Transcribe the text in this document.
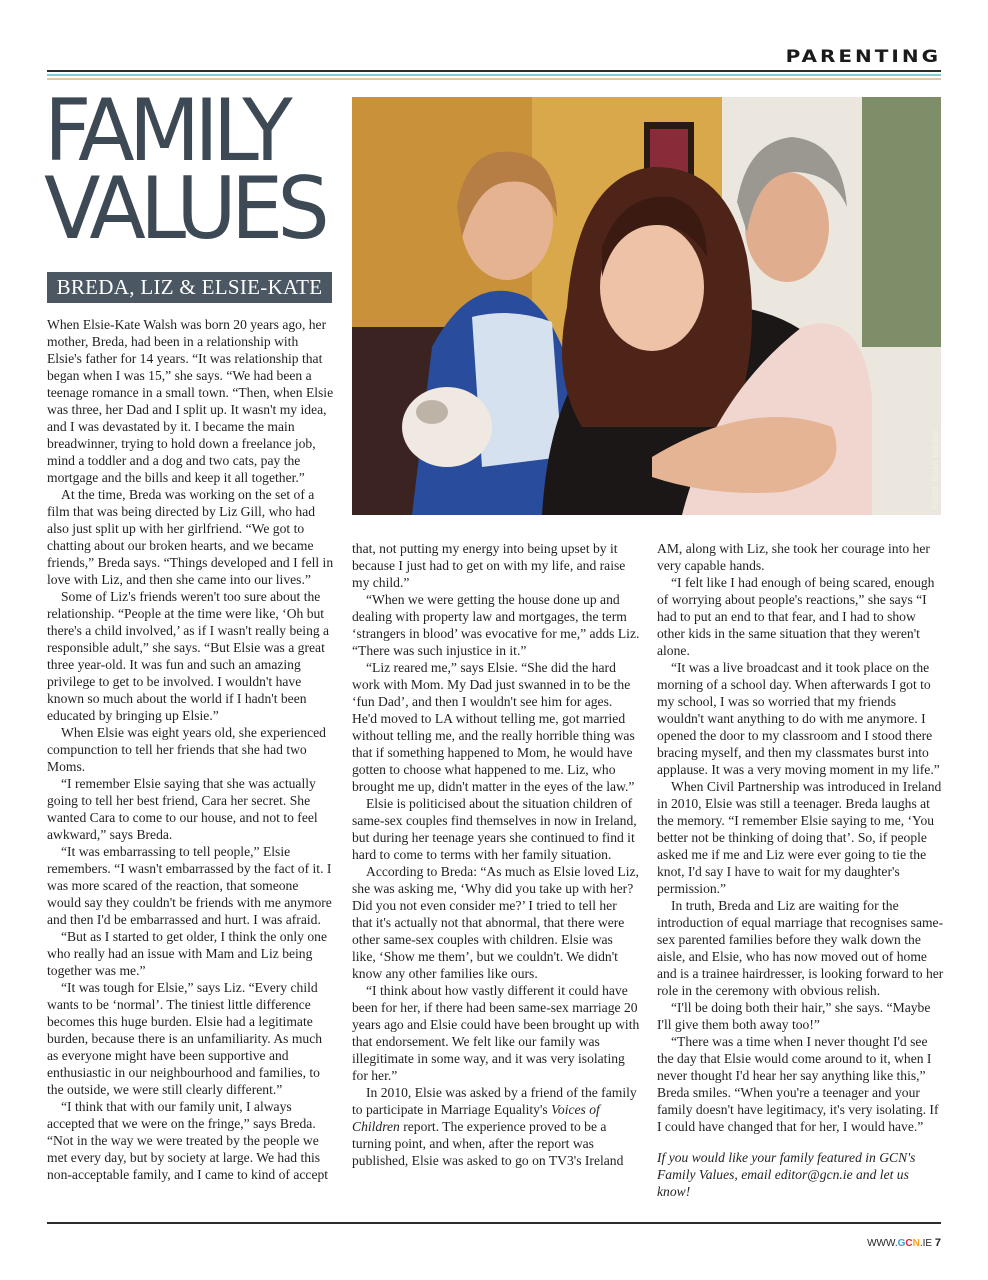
PARENTING
FAMILY
VALUES
BREDA, LIZ & ELSIE-KATE
Photo: Brian Hanlon

When Elsie-Kate Walsh was born 20 years ago, her mother, Breda, had been in a relationship with Elsie's father for 14 years. “It was relationship that began when I was 15,” she says. “We had been a teenage romance in a small town. “Then, when Elsie was three, her Dad and I split up. It wasn't my idea, and I was devastated by it. I became the main breadwinner, trying to hold down a freelance job, mind a toddler and a dog and two cats, pay the mortgage and the bills and keep it all together.”

At the time, Breda was working on the set of a film that was being directed by Liz Gill, who had also just split up with her girlfriend. “We got to chatting about our broken hearts, and we became friends,” Breda says. “Things developed and I fell in love with Liz, and then she came into our lives.”

Some of Liz's friends weren't too sure about the relationship. “People at the time were like, ‘Oh but there's a child involved,’ as if I wasn't really being a responsible adult,” she says. “But Elsie was a great three year-old. It was fun and such an amazing privilege to get to be involved. I wouldn't have known so much about the world if I hadn't been educated by bringing up Elsie.”

When Elsie was eight years old, she experienced compunction to tell her friends that she had two Moms.

“I remember Elsie saying that she was actually going to tell her best friend, Cara her secret. She wanted Cara to come to our house, and not to feel awkward,” says Breda.

“It was embarrassing to tell people,” Elsie remembers. “I wasn't embarrassed by the fact of it. I was more scared of the reaction, that someone would say they couldn't be friends with me anymore and then I'd be embarrassed and hurt. I was afraid.

“But as I started to get older, I think the only one who really had an issue with Mam and Liz being together was me.”

“It was tough for Elsie,” says Liz. “Every child wants to be ‘normal’. The tiniest little difference becomes this huge burden. Elsie had a legitimate burden, because there is an unfamiliarity. As much as everyone might have been supportive and enthusiastic in our neighbourhood and families, to the outside, we were still clearly different.”

“I think that with our family unit, I always accepted that we were on the fringe,” says Breda. “Not in the way we were treated by the people we met every day, but by society at large. We had this non-acceptable family, and I came to kind of accept

that, not putting my energy into being upset by it because I just had to get on with my life, and raise my child.”

“When we were getting the house done up and dealing with property law and mortgages, the term ‘strangers in blood’ was evocative for me,” adds Liz. “There was such injustice in it.”

“Liz reared me,” says Elsie. “She did the hard work with Mom. My Dad just swanned in to be the ‘fun Dad’, and then I wouldn't see him for ages. He'd moved to LA without telling me, got married without telling me, and the really horrible thing was that if something happened to Mom, he would have gotten to choose what happened to me. Liz, who brought me up, didn't matter in the eyes of the law.”

Elsie is politicised about the situation children of same-sex couples find themselves in now in Ireland, but during her teenage years she continued to find it hard to come to terms with her family situation.

According to Breda: “As much as Elsie loved Liz, she was asking me, ‘Why did you take up with her? Did you not even consider me?’ I tried to tell her that it's actually not that abnormal, that there were other same-sex couples with children. Elsie was like, ‘Show me them’, but we couldn't. We didn't know any other families like ours.

“I think about how vastly different it could have been for her, if there had been same-sex marriage 20 years ago and Elsie could have been brought up with that endorsement. We felt like our family was illegitimate in some way, and it was very isolating for her.”

In 2010, Elsie was asked by a friend of the family to participate in Marriage Equality's Voices of Children report. The experience proved to be a turning point, and when, after the report was published, Elsie was asked to go on TV3's Ireland

AM, along with Liz, she took her courage into her very capable hands.

“I felt like I had enough of being scared, enough of worrying about people's reactions,” she says “I had to put an end to that fear, and I had to show other kids in the same situation that they weren't alone.

“It was a live broadcast and it took place on the morning of a school day. When afterwards I got to my school, I was so worried that my friends wouldn't want anything to do with me anymore. I opened the door to my classroom and I stood there bracing myself, and then my classmates burst into applause. It was a very moving moment in my life.”

When Civil Partnership was introduced in Ireland in 2010, Elsie was still a teenager. Breda laughs at the memory. “I remember Elsie saying to me, ‘You better not be thinking of doing that’. So, if people asked me if me and Liz were ever going to tie the knot, I'd say I have to wait for my daughter's permission.”

In truth, Breda and Liz are waiting for the introduction of equal marriage that recognises same-sex parented families before they walk down the aisle, and Elsie, who has now moved out of home and is a trainee hairdresser, is looking forward to her role in the ceremony with obvious relish.

“I'll be doing both their hair,” she says. “Maybe I'll give them both away too!”

“There was a time when I never thought I'd see the day that Elsie would come around to it, when I never thought I'd hear her say anything like this,” Breda smiles. “When you're a teenager and your family doesn't have legitimacy, it's very isolating. If I could have changed that for her, I would have.”

If you would like your family featured in GCN's Family Values, email editor@gcn.ie and let us know!

WWW.GCN.IE 7
